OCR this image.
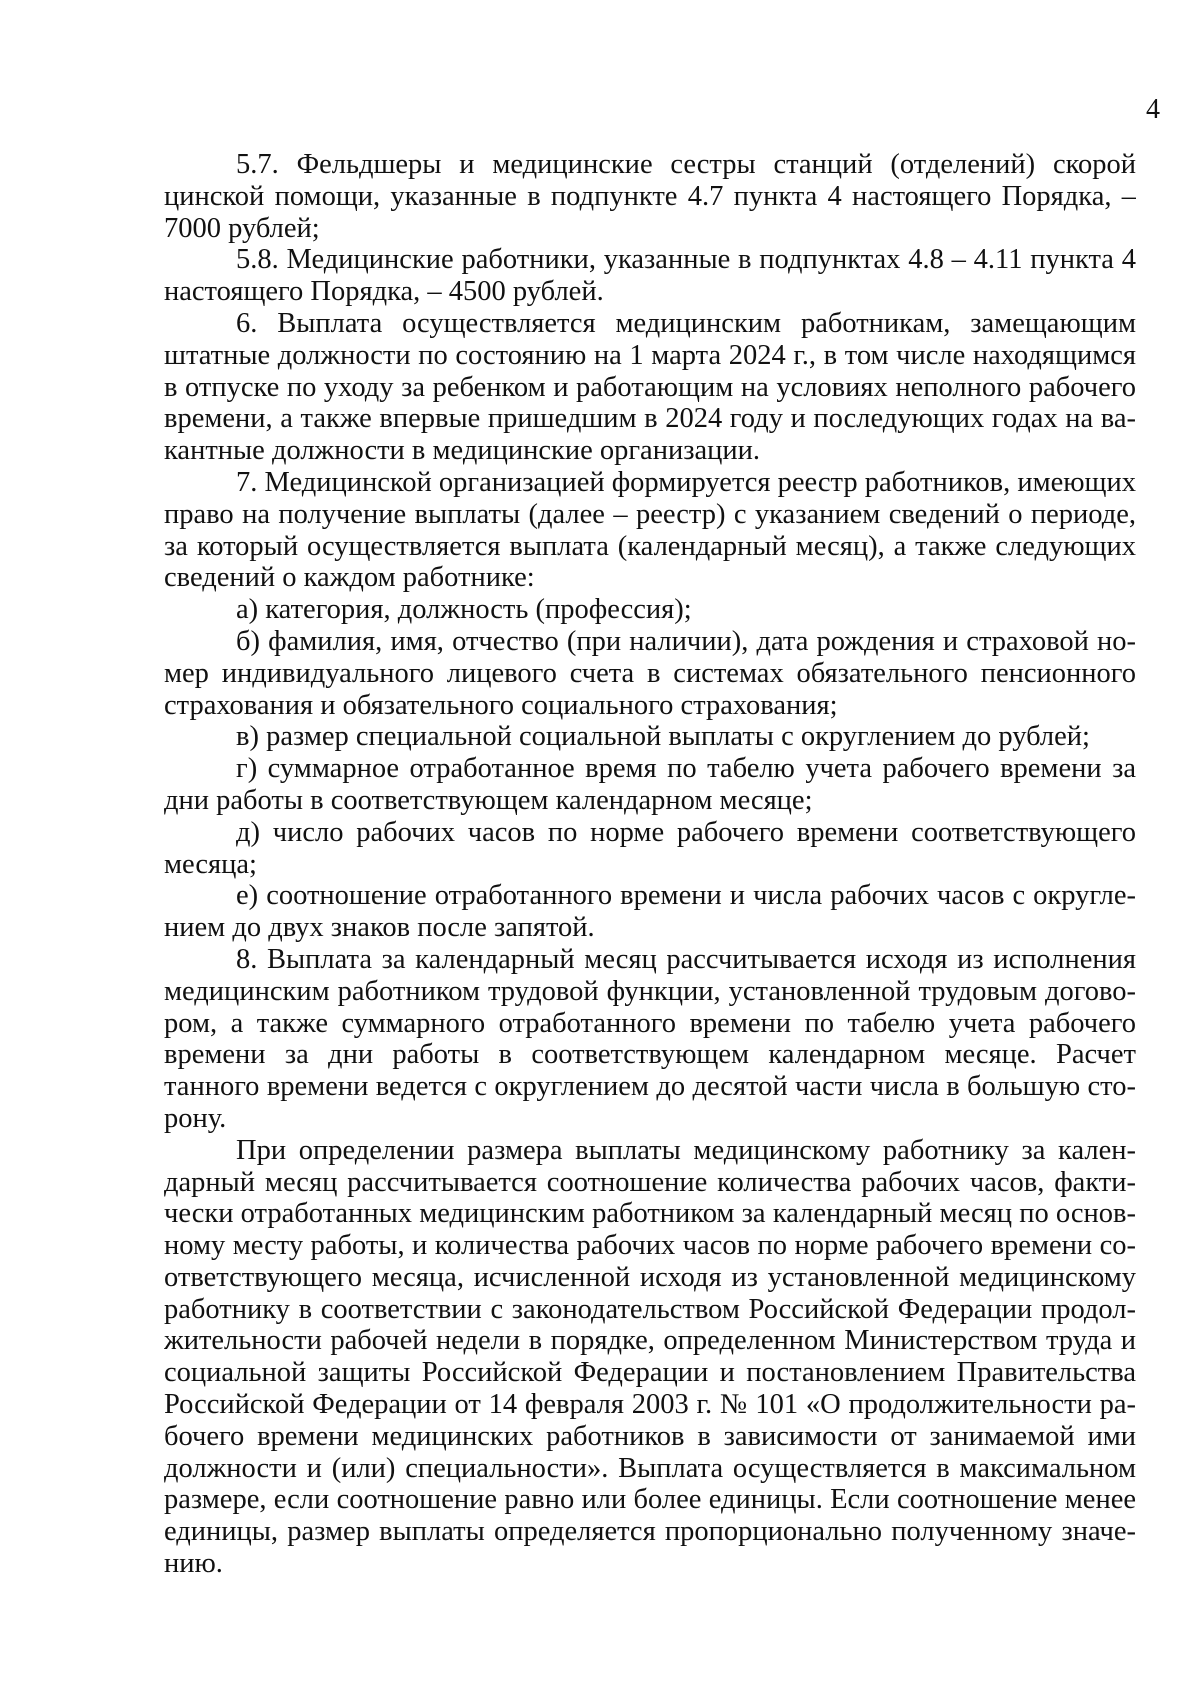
4
5.7. Фельдшеры и медицинские сестры станций (отделений) скорой
цинской помощи, указанные в подпункте 4.7 пункта 4 настоящего Порядка, –
7000 рублей;
5.8. Медицинские работники, указанные в подпунктах 4.8 – 4.11 пункта 4
настоящего Порядка, – 4500 рублей.
6. Выплата осуществляется медицинским работникам, замещающим
штатные должности по состоянию на 1 марта 2024 г., в том числе находящимся
в отпуске по уходу за ребенком и работающим на условиях неполного рабочего
времени, а также впервые пришедшим в 2024 году и последующих годах на ва-
кантные должности в медицинские организации.
7. Медицинской организацией формируется реестр работников, имеющих
право на получение выплаты (далее – реестр) с указанием сведений о периоде,
за который осуществляется выплата (календарный месяц), а также следующих
сведений о каждом работнике:
а) категория, должность (профессия);
б) фамилия, имя, отчество (при наличии), дата рождения и страховой но-
мер индивидуального лицевого счета в системах обязательного пенсионного
страхования и обязательного социального страхования;
в) размер специальной социальной выплаты с округлением до рублей;
г) суммарное отработанное время по табелю учета рабочего времени за
дни работы в соответствующем календарном месяце;
д) число рабочих часов по норме рабочего времени соответствующего
месяца;
е) соотношение отработанного времени и числа рабочих часов с округле-
нием до двух знаков после запятой.
8. Выплата за календарный месяц рассчитывается исходя из исполнения
медицинским работником трудовой функции, установленной трудовым догово-
ром, а также суммарного отработанного времени по табелю учета рабочего
времени за дни работы в соответствующем календарном месяце. Расчет
танного времени ведется с округлением до десятой части числа в большую сто-
рону.
При определении размера выплаты медицинскому работнику за кален-
дарный месяц рассчитывается соотношение количества рабочих часов, факти-
чески отработанных медицинским работником за календарный месяц по основ-
ному месту работы, и количества рабочих часов по норме рабочего времени со-
ответствующего месяца, исчисленной исходя из установленной медицинскому
работнику в соответствии с законодательством Российской Федерации продол-
жительности рабочей недели в порядке, определенном Министерством труда и
социальной защиты Российской Федерации и постановлением Правительства
Российской Федерации от 14 февраля 2003 г. № 101 «О продолжительности ра-
бочего времени медицинских работников в зависимости от занимаемой ими
должности и (или) специальности». Выплата осуществляется в максимальном
размере, если соотношение равно или более единицы. Если соотношение менее
единицы, размер выплаты определяется пропорционально полученному значе-
нию.
